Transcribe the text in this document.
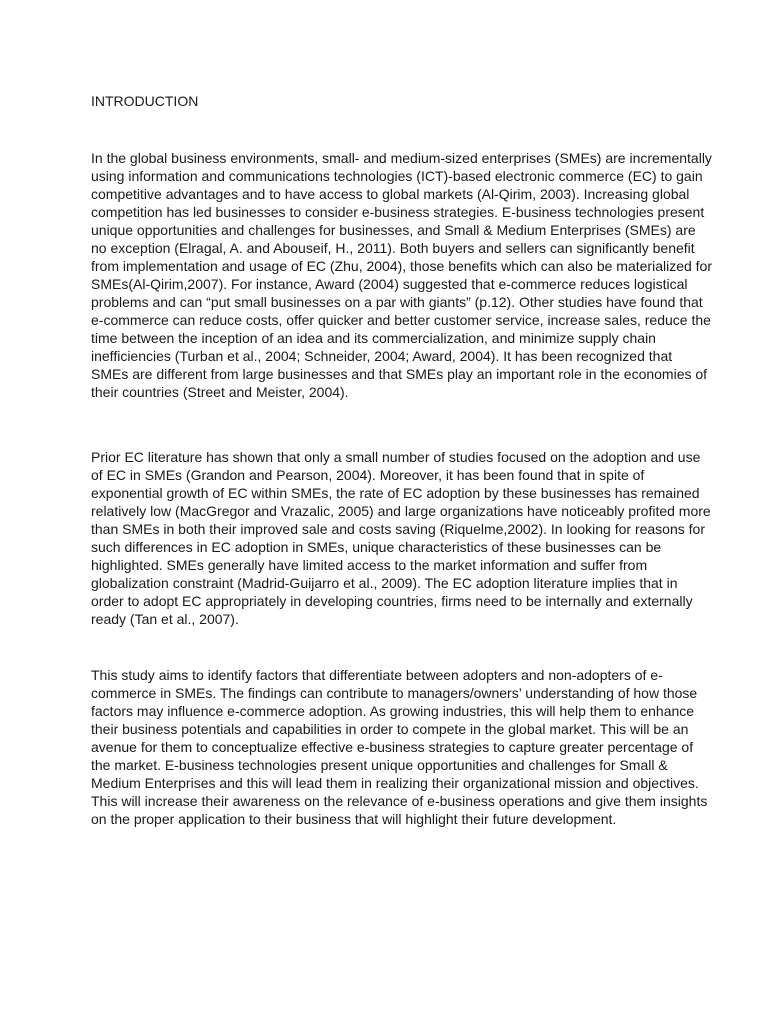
INTRODUCTION

In the global business environments, small- and medium-sized enterprises (SMEs) are incrementally using information and communications technologies (ICT)-based electronic commerce (EC) to gain competitive advantages and to have access to global markets (Al-Qirim, 2003). Increasing global competition has led businesses to consider e-business strategies. E-business technologies present unique opportunities and challenges for businesses, and Small & Medium Enterprises (SMEs) are no exception (Elragal, A. and Abouseif, H., 2011). Both buyers and sellers can significantly benefit from implementation and usage of EC (Zhu, 2004), those benefits which can also be materialized for SMEs(Al-Qirim,2007). For instance, Award (2004) suggested that e-commerce reduces logistical problems and can “put small businesses on a par with giants” (p.12). Other studies have found that e-commerce can reduce costs, offer quicker and better customer service, increase sales, reduce the time between the inception of an idea and its commercialization, and minimize supply chain inefficiencies (Turban et al., 2004; Schneider, 2004; Award, 2004). It has been recognized that SMEs are different from large businesses and that SMEs play an important role in the economies of their countries (Street and Meister, 2004).

Prior EC literature has shown that only a small number of studies focused on the adoption and use of EC in SMEs (Grandon and Pearson, 2004). Moreover, it has been found that in spite of exponential growth of EC within SMEs, the rate of EC adoption by these businesses has remained relatively low (MacGregor and Vrazalic, 2005) and large organizations have noticeably profited more than SMEs in both their improved sale and costs saving (Riquelme,2002). In looking for reasons for such differences in EC adoption in SMEs, unique characteristics of these businesses can be highlighted. SMEs generally have limited access to the market information and suffer from globalization constraint (Madrid-Guijarro et al., 2009). The EC adoption literature implies that in order to adopt EC appropriately in developing countries, firms need to be internally and externally ready (Tan et al., 2007).

This study aims to identify factors that differentiate between adopters and non-adopters of e-commerce in SMEs. The findings can contribute to managers/owners’ understanding of how those factors may influence e-commerce adoption. As growing industries, this will help them to enhance their business potentials and capabilities in order to compete in the global market. This will be an avenue for them to conceptualize effective e-business strategies to capture greater percentage of the market. E-business technologies present unique opportunities and challenges for Small & Medium Enterprises and this will lead them in realizing their organizational mission and objectives. This will increase their awareness on the relevance of e-business operations and give them insights on the proper application to their business that will highlight their future development.
